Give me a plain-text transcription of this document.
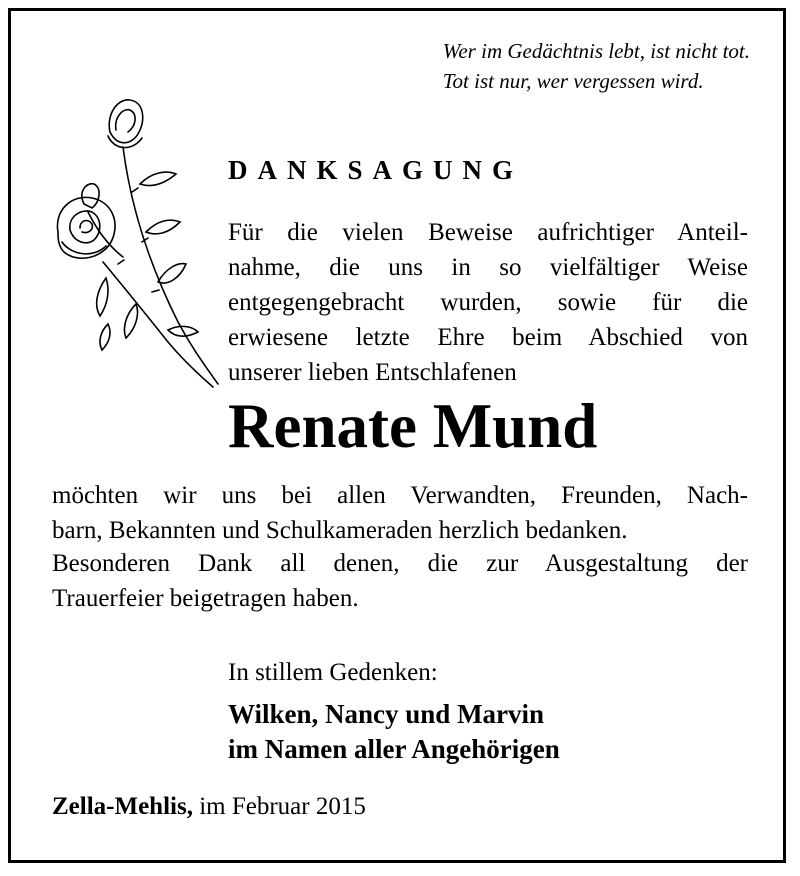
Wer im Gedächtnis lebt, ist nicht tot.
Tot ist nur, wer vergessen wird.
DANKSAGUNG
Für die vielen Beweise aufrichtiger Anteil-
nahme, die uns in so vielfältiger Weise
entgegengebracht wurden, sowie für die
erwiesene letzte Ehre beim Abschied von
unserer lieben Entschlafenen
Renate Mund
möchten wir uns bei allen Verwandten, Freunden, Nach-
barn, Bekannten und Schulkameraden herzlich bedanken.
Besonderen Dank all denen, die zur Ausgestaltung der
Trauerfeier beigetragen haben.
In stillem Gedenken:
Wilken, Nancy und Marvin
im Namen aller Angehörigen
Zella-Mehlis, im Februar 2015
